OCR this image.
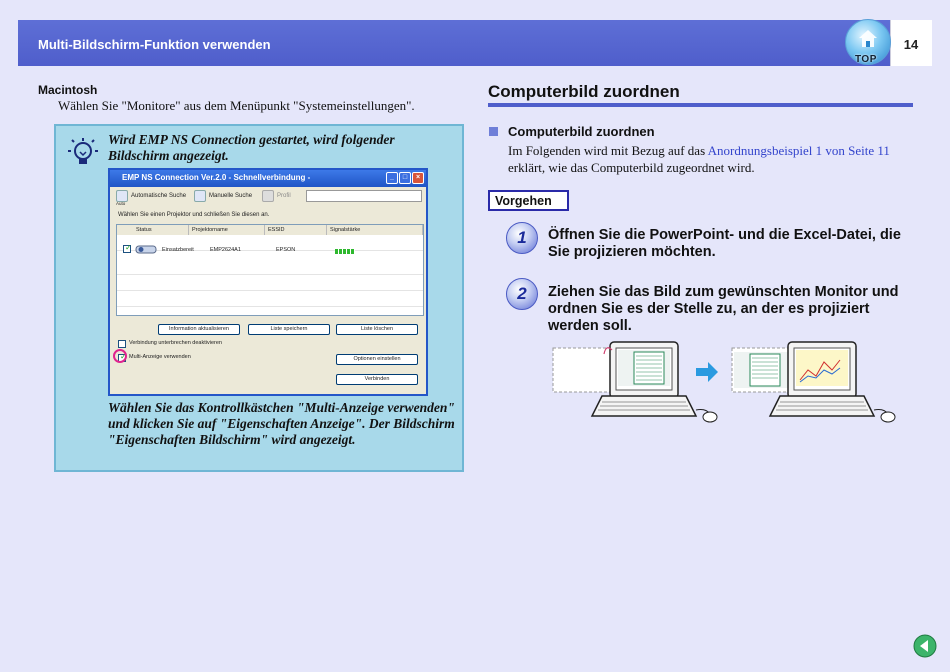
Multi-Bildschirm-Funktion verwenden	14
TOP
Macintosh
Wählen Sie "Monitore" aus dem Menüpunkt "Systemeinstellungen".
Wird EMP NS Connection gestartet, wird folgender Bildschirm angezeigt.
EMP NS Connection Ver.2.0 - Schnellverbindung -	_	□	×
Auto
Automatische Suche	Manuelle Suche	Profil
Wählen Sie einen Projektor und schließen Sie diesen an.
Status	Projektorname	ESSID	Signalstärke
✓	Einsatzbereit	EMP2624A1	EPSON
Information aktualisieren	Liste speichern	Liste löschen
Verbindung unterbrechen deaktivieren
✓ Multi-Anzeige verwenden	Optionen einstellen
Verbinden
Wählen Sie das Kontrollkästchen "Multi-Anzeige verwenden" und klicken Sie auf "Eigenschaften Anzeige". Der Bildschirm "Eigenschaften Bildschirm" wird angezeigt.
Computerbild zuordnen
Computerbild zuordnen
Im Folgenden wird mit Bezug auf das Anordnungsbeispiel 1 von Seite 11 erklärt, wie das Computerbild zugeordnet wird.
Vorgehen
1	Öffnen Sie die PowerPoint- und die Excel-Datei, die Sie projizieren möchten.
2	Ziehen Sie das Bild zum gewünschten Monitor und ordnen Sie es der Stelle zu, an der es projiziert werden soll.
